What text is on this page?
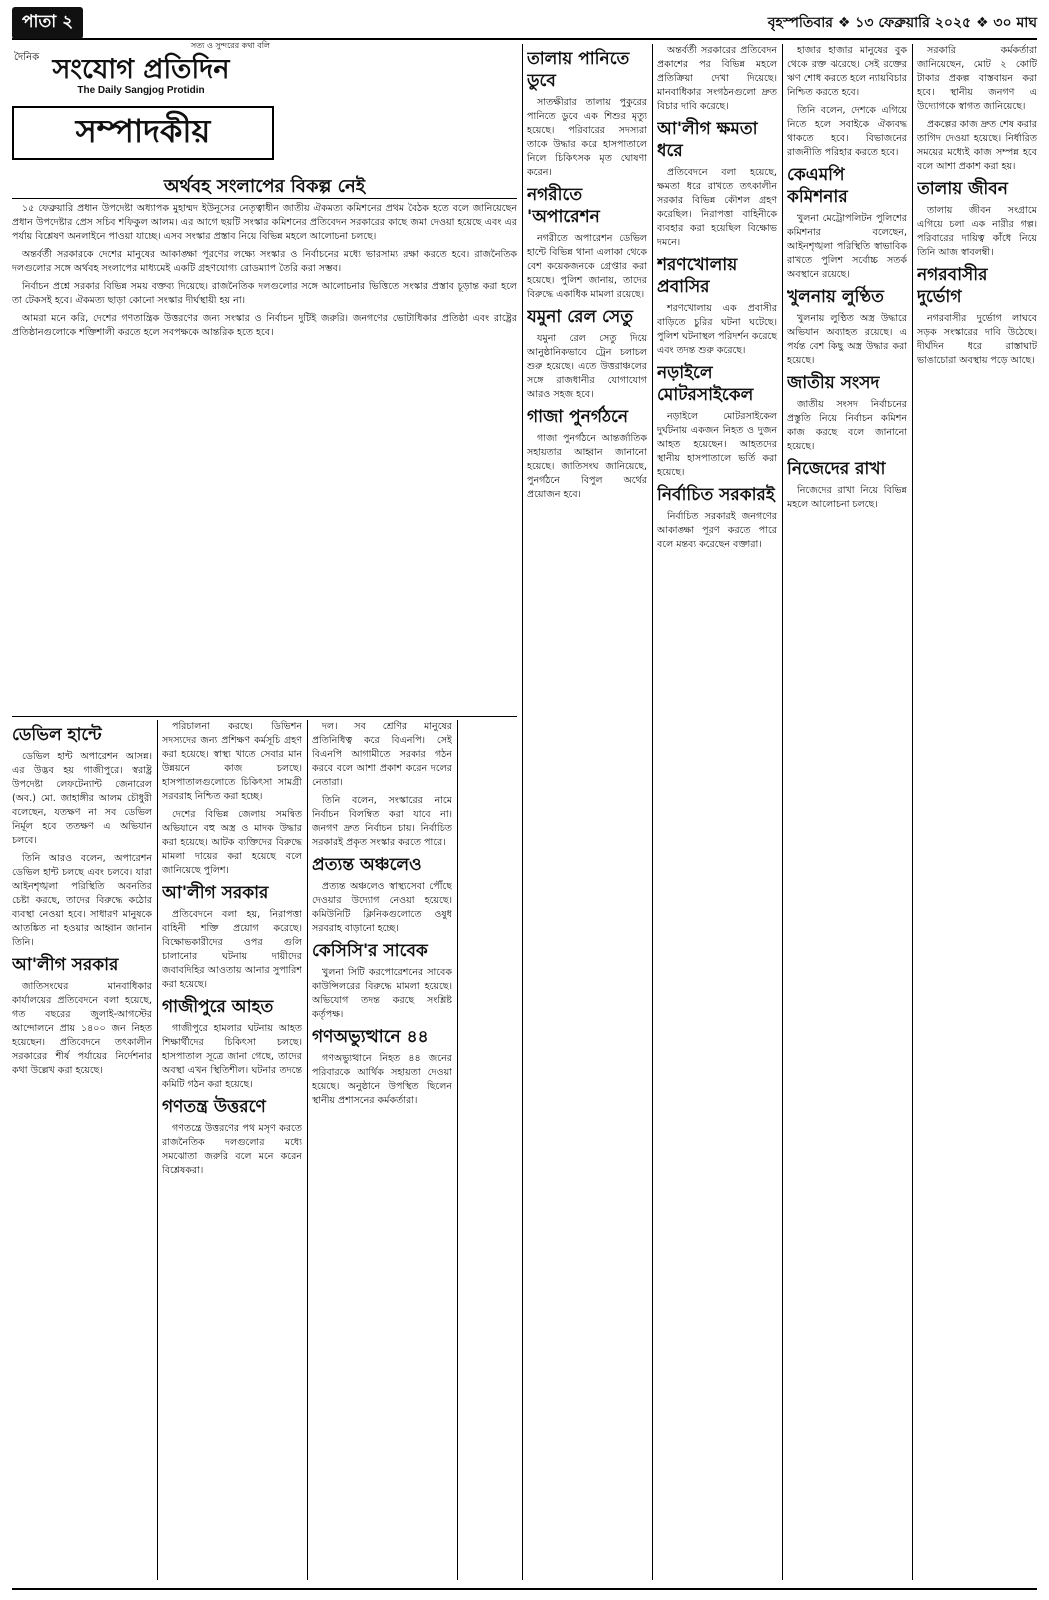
পাতা ২	বৃহস্পতিবার ❖ ১৩ ফেব্রুয়ারি ২০২৫ ❖ ৩০ মাঘ
সত্য ও সুন্দরের কথা বলি
দৈনিক সংযোগ প্রতিদিন
The Daily Sangjog Protidin
সম্পাদকীয়
অর্থবহ সংলাপের বিকল্প নেই

১৫ ফেব্রুয়ারি প্রধান উপদেষ্টা অধ্যাপক মুহাম্মদ ইউনূসের নেতৃত্বাধীন জাতীয় ঐকমত্য কমিশনের প্রথম বৈঠক হতে বলে জানিয়েছেন প্রধান উপদেষ্টার প্রেস সচিব শফিকুল আলম। এর আগে ছয়টি সংস্কার কমিশনের প্রতিবেদন সরকারের কাছে জমা দেওয়া হয়েছে এবং এর পর্যায় বিশ্লেষণ অনলাইনে পাওয়া যাচ্ছে। এসব সংস্কার প্রস্তাব নিয়ে বিভিন্ন মহলে আলোচনা চলছে।

অন্তর্বর্তী সরকারকে দেশের মানুষের আকাঙ্ক্ষা পূরণের লক্ষ্যে সংস্কার ও নির্বাচনের মধ্যে ভারসাম্য রক্ষা করতে হবে। রাজনৈতিক দলগুলোর সঙ্গে অর্থবহ সংলাপের মাধ্যমেই একটি গ্রহণযোগ্য রোডম্যাপ তৈরি করা সম্ভব।

নির্বাচন প্রশ্নে সরকার বিভিন্ন সময় বক্তব্য দিয়েছে। রাজনৈতিক দলগুলোর সঙ্গে আলোচনার ভিত্তিতে সংস্কার প্রস্তাব চূড়ান্ত করা হলে তা টেকসই হবে। ঐকমত্য ছাড়া কোনো সংস্কার দীর্ঘস্থায়ী হয় না।

আমরা মনে করি, দেশের গণতান্ত্রিক উত্তরণের জন্য সংস্কার ও নির্বাচন দুটিই জরুরি। জনগণের ভোটাধিকার প্রতিষ্ঠা এবং রাষ্ট্রের প্রতিষ্ঠানগুলোকে শক্তিশালী করতে হলে সবপক্ষকে আন্তরিক হতে হবে।

ডেভিল হান্টে

ডেভিল হান্ট অপারেশন আসন্ন। এর উদ্ভব হয় গাজীপুরে। স্বরাষ্ট্র উপদেষ্টা লেফটেন্যান্ট জেনারেল (অব.) মো. জাহাঙ্গীর আলম চৌধুরী বলেছেন, যতক্ষণ না সব ডেভিল নির্মূল হবে ততক্ষণ এ অভিযান চলবে।

তিনি আরও বলেন, অপারেশন ডেভিল হান্ট চলছে এবং চলবে। যারা আইনশৃঙ্খলা পরিস্থিতি অবনতির চেষ্টা করছে, তাদের বিরুদ্ধে কঠোর ব্যবস্থা নেওয়া হবে। সাধারণ মানুষকে আতঙ্কিত না হওয়ার আহ্বান জানান তিনি।

আ'লীগ সরকার

জাতিসংঘের মানবাধিকার কার্যালয়ের প্রতিবেদনে বলা হয়েছে, গত বছরের জুলাই-আগস্টের আন্দোলনে প্রায় ১৪০০ জন নিহত হয়েছেন। প্রতিবেদনে তৎকালীন সরকারের শীর্ষ পর্যায়ের নির্দেশনার কথা উল্লেখ করা হয়েছে।

পরিচালনা করছে। ডিভিশন সদস্যদের জন্য প্রশিক্ষণ কর্মসূচি গ্রহণ করা হয়েছে। স্বাস্থ্য খাতে সেবার মান উন্নয়নে কাজ চলছে। হাসপাতালগুলোতে চিকিৎসা সামগ্রী সরবরাহ নিশ্চিত করা হচ্ছে।

দেশের বিভিন্ন জেলায় সমন্বিত অভিযানে বহু অস্ত্র ও মাদক উদ্ধার করা হয়েছে। আটক ব্যক্তিদের বিরুদ্ধে মামলা দায়ের করা হয়েছে বলে জানিয়েছে পুলিশ।

আ'লীগ সরকার

প্রতিবেদনে বলা হয়, নিরাপত্তা বাহিনী শক্তি প্রয়োগ করেছে। বিক্ষোভকারীদের ওপর গুলি চালানোর ঘটনায় দায়ীদের জবাবদিহির আওতায় আনার সুপারিশ করা হয়েছে।

গাজীপুরে আহত

গাজীপুরে হামলার ঘটনায় আহত শিক্ষার্থীদের চিকিৎসা চলছে। হাসপাতাল সূত্রে জানা গেছে, তাদের অবস্থা এখন স্থিতিশীল। ঘটনার তদন্তে কমিটি গঠন করা হয়েছে।

গণতন্ত্র উত্তরণে

গণতন্ত্রে উত্তরণের পথ মসৃণ করতে রাজনৈতিক দলগুলোর মধ্যে সমঝোতা জরুরি বলে মনে করেন বিশ্লেষকরা।

দল। সব শ্রেণির মানুষের প্রতিনিধিত্ব করে বিএনপি। সেই বিএনপি আগামীতে সরকার গঠন করবে বলে আশা প্রকাশ করেন দলের নেতারা।

তিনি বলেন, সংস্কারের নামে নির্বাচন বিলম্বিত করা যাবে না। জনগণ দ্রুত নির্বাচন চায়। নির্বাচিত সরকারই প্রকৃত সংস্কার করতে পারে।

প্রত্যন্ত অঞ্চলেও

প্রত্যন্ত অঞ্চলেও স্বাস্থ্যসেবা পৌঁছে দেওয়ার উদ্যোগ নেওয়া হয়েছে। কমিউনিটি ক্লিনিকগুলোতে ওষুধ সরবরাহ বাড়ানো হচ্ছে।

কেসিসি'র সাবেক

খুলনা সিটি করপোরেশনের সাবেক কাউন্সিলরের বিরুদ্ধে মামলা হয়েছে। অভিযোগ তদন্ত করছে সংশ্লিষ্ট কর্তৃপক্ষ।

গণঅভ্যুত্থানে ৪৪

গণঅভ্যুত্থানে নিহত ৪৪ জনের পরিবারকে আর্থিক সহায়তা দেওয়া হয়েছে। অনুষ্ঠানে উপস্থিত ছিলেন স্থানীয় প্রশাসনের কর্মকর্তারা।

তালায় পানিতে ডুবে

সাতক্ষীরার তালায় পুকুরের পানিতে ডুবে এক শিশুর মৃত্যু হয়েছে। পরিবারের সদস্যরা তাকে উদ্ধার করে হাসপাতালে নিলে চিকিৎসক মৃত ঘোষণা করেন।

নগরীতে 'অপারেশন

নগরীতে অপারেশন ডেভিল হান্টে বিভিন্ন থানা এলাকা থেকে বেশ কয়েকজনকে গ্রেপ্তার করা হয়েছে। পুলিশ জানায়, তাদের বিরুদ্ধে একাধিক মামলা রয়েছে।

যমুনা রেল সেতু

যমুনা রেল সেতু দিয়ে আনুষ্ঠানিকভাবে ট্রেন চলাচল শুরু হয়েছে। এতে উত্তরাঞ্চলের সঙ্গে রাজধানীর যোগাযোগ আরও সহজ হবে।

গাজা পুনর্গঠনে

গাজা পুনর্গঠনে আন্তর্জাতিক সহায়তার আহ্বান জানানো হয়েছে। জাতিসংঘ জানিয়েছে, পুনর্গঠনে বিপুল অর্থের প্রয়োজন হবে।

অন্তর্বর্তী সরকারের প্রতিবেদন প্রকাশের পর বিভিন্ন মহলে প্রতিক্রিয়া দেখা দিয়েছে। মানবাধিকার সংগঠনগুলো দ্রুত বিচার দাবি করেছে।

আ'লীগ ক্ষমতা ধরে

প্রতিবেদনে বলা হয়েছে, ক্ষমতা ধরে রাখতে তৎকালীন সরকার বিভিন্ন কৌশল গ্রহণ করেছিল। নিরাপত্তা বাহিনীকে ব্যবহার করা হয়েছিল বিক্ষোভ দমনে।

শরণখোলায় প্রবাসির

শরণখোলায় এক প্রবাসীর বাড়িতে চুরির ঘটনা ঘটেছে। পুলিশ ঘটনাস্থল পরিদর্শন করেছে এবং তদন্ত শুরু করেছে।

নড়াইলে মোটরসাইকেল

নড়াইলে মোটরসাইকেল দুর্ঘটনায় একজন নিহত ও দুজন আহত হয়েছেন। আহতদের স্থানীয় হাসপাতালে ভর্তি করা হয়েছে।

নির্বাচিত সরকারই

নির্বাচিত সরকারই জনগণের আকাঙ্ক্ষা পূরণ করতে পারে বলে মন্তব্য করেছেন বক্তারা।

হাজার হাজার মানুষের বুক থেকে রক্ত ঝরেছে। সেই রক্তের ঋণ শোধ করতে হলে ন্যায়বিচার নিশ্চিত করতে হবে।

তিনি বলেন, দেশকে এগিয়ে নিতে হলে সবাইকে ঐক্যবদ্ধ থাকতে হবে। বিভাজনের রাজনীতি পরিহার করতে হবে।

কেএমপি কমিশনার

খুলনা মেট্রোপলিটন পুলিশের কমিশনার বলেছেন, আইনশৃঙ্খলা পরিস্থিতি স্বাভাবিক রাখতে পুলিশ সর্বোচ্চ সতর্ক অবস্থানে রয়েছে।

খুলনায় লুণ্ঠিত

খুলনায় লুণ্ঠিত অস্ত্র উদ্ধারে অভিযান অব্যাহত রয়েছে। এ পর্যন্ত বেশ কিছু অস্ত্র উদ্ধার করা হয়েছে।

জাতীয় সংসদ

জাতীয় সংসদ নির্বাচনের প্রস্তুতি নিয়ে নির্বাচন কমিশন কাজ করছে বলে জানানো হয়েছে।

নিজেদের রাখা

নিজেদের রাখা নিয়ে বিভিন্ন মহলে আলোচনা চলছে।

সরকারি কর্মকর্তারা জানিয়েছেন, মোট ২ কোটি টাকার প্রকল্প বাস্তবায়ন করা হবে। স্থানীয় জনগণ এ উদ্যোগকে স্বাগত জানিয়েছে।

প্রকল্পের কাজ দ্রুত শেষ করার তাগিদ দেওয়া হয়েছে। নির্ধারিত সময়ের মধ্যেই কাজ সম্পন্ন হবে বলে আশা প্রকাশ করা হয়।

তালায় জীবন

তালায় জীবন সংগ্রামে এগিয়ে চলা এক নারীর গল্প। পরিবারের দায়িত্ব কাঁধে নিয়ে তিনি আজ স্বাবলম্বী।

নগরবাসীর দুর্ভোগ

নগরবাসীর দুর্ভোগ লাঘবে সড়ক সংস্কারের দাবি উঠেছে। দীর্ঘদিন ধরে রাস্তাঘাট ভাঙাচোরা অবস্থায় পড়ে আছে।
